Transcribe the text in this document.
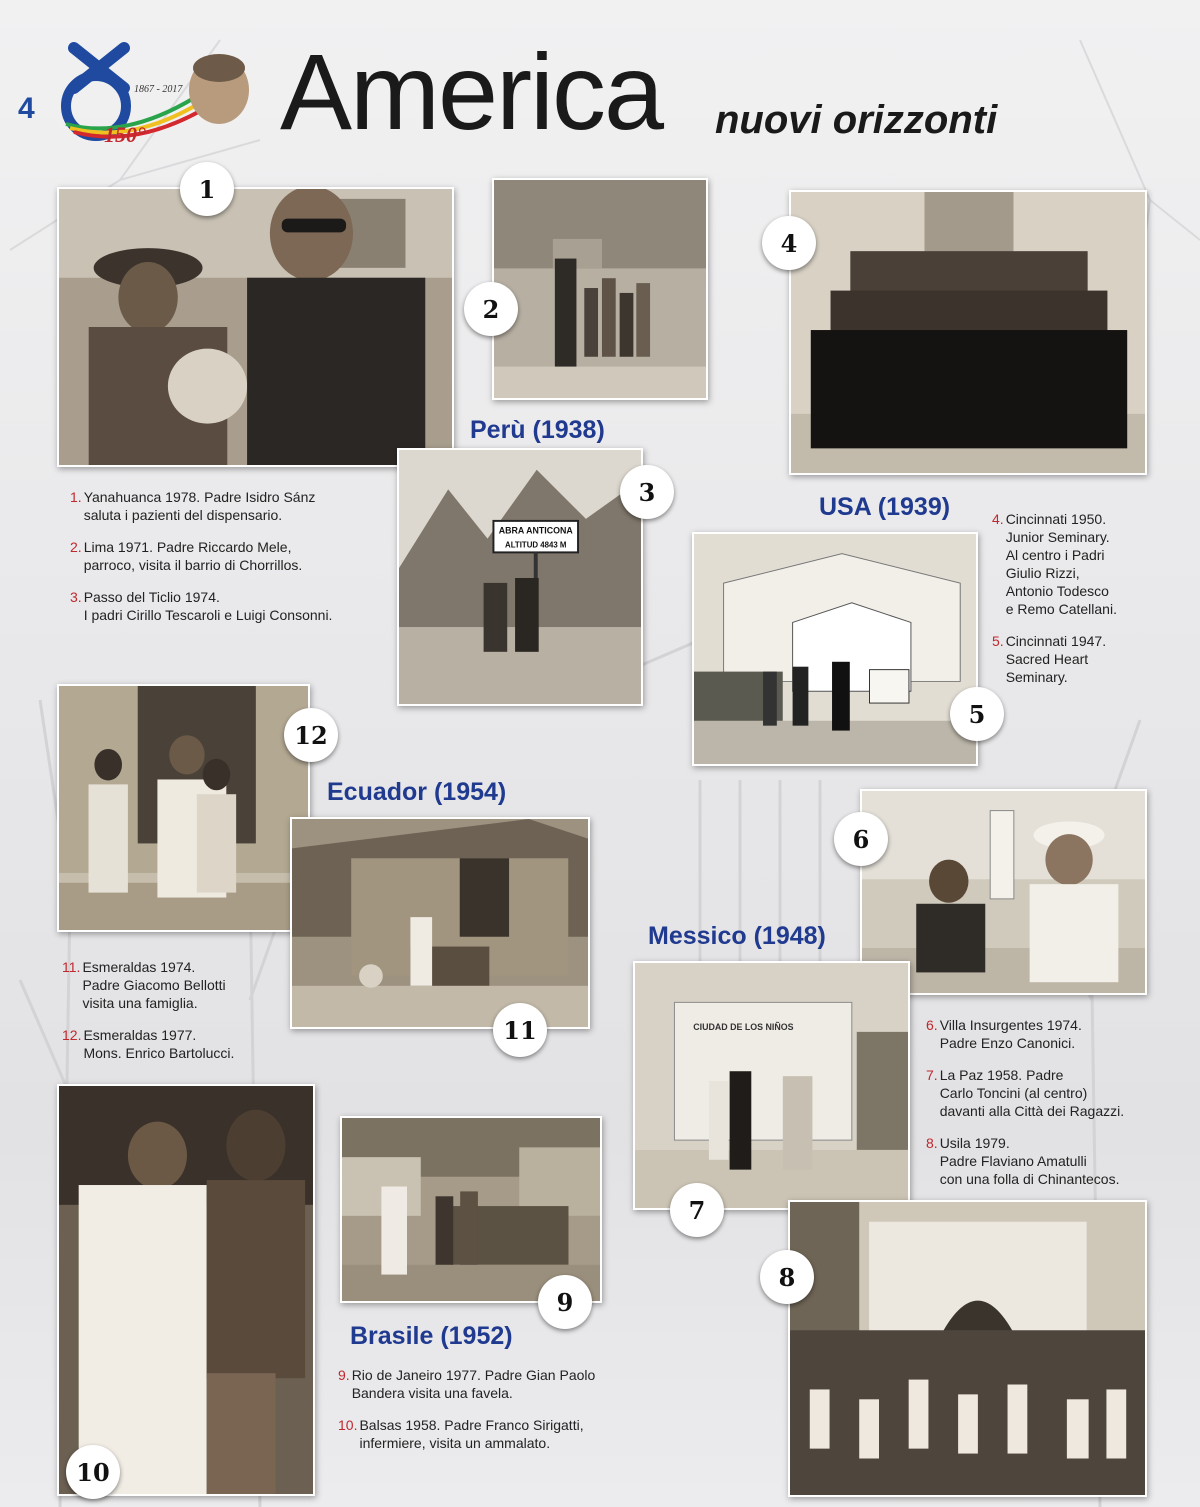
4
1867 - 2017
150° America nuovi orizzonti
ABRA ANTICONA
ALTITUD 4843 M
CIUDAD DE LOS NIÑOS
1
2
3
4
5
12
11
6
7
8
9
10
Perù (1938)
USA (1939)
Ecuador (1954)
Messico (1948)
Brasile (1952)
1. Yanahuanca 1978. Padre Isidro Sánz
saluta i pazienti del dispensario.
2. Lima 1971. Padre Riccardo Mele,
parroco, visita il barrio di Chorrillos.
3. Passo del Ticlio 1974.
I padri Cirillo Tescaroli e Luigi Consonni.
4. Cincinnati 1950.
Junior Seminary.
Al centro i Padri
Giulio Rizzi,
Antonio Todesco
e Remo Catellani.
5. Cincinnati 1947.
Sacred Heart
Seminary.
11. Esmeraldas 1974.
Padre Giacomo Bellotti
visita una famiglia.
12. Esmeraldas 1977.
Mons. Enrico Bartolucci.
6. Villa Insurgentes 1974.
Padre Enzo Canonici.
7. La Paz 1958. Padre
Carlo Toncini (al centro)
davanti alla Città dei Ragazzi.
8. Usila 1979.
Padre Flaviano Amatulli
con una folla di Chinantecos.
9. Rio de Janeiro 1977. Padre Gian Paolo
Bandera visita una favela.
10. Balsas 1958. Padre Franco Sirigatti,
infermiere, visita un ammalato.
